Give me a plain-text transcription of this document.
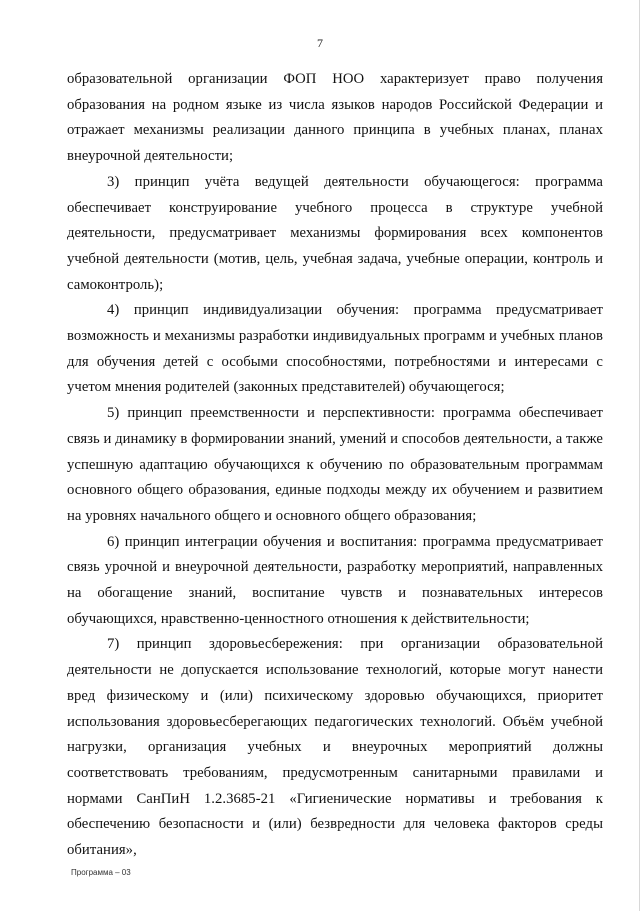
7

образовательной организации ФОП НОО характеризует право получения образования на родном языке из числа языков народов Российской Федерации и отражает механизмы реализации данного принципа в учебных планах, планах внеурочной деятельности;

3) принцип учёта ведущей деятельности обучающегося: программа обеспечивает конструирование учебного процесса в структуре учебной деятельности, предусматривает механизмы формирования всех компонентов учебной деятельности (мотив, цель, учебная задача, учебные операции, контроль и самоконтроль);

4) принцип индивидуализации обучения: программа предусматривает возможность и механизмы разработки индивидуальных программ и учебных планов для обучения детей с особыми способностями, потребностями и интересами с учетом мнения родителей (законных представителей) обучающегося;

5) принцип преемственности и перспективности: программа обеспечивает связь и динамику в формировании знаний, умений и способов деятельности, а также успешную адаптацию обучающихся к обучению по образовательным программам основного общего образования, единые подходы между их обучением и развитием на уровнях начального общего и основного общего образования;

6) принцип интеграции обучения и воспитания: программа предусматривает связь урочной и внеурочной деятельности, разработку мероприятий, направленных на обогащение знаний, воспитание чувств и познавательных интересов обучающихся, нравственно-ценностного отношения к действительности;

7) принцип здоровьесбережения: при организации образовательной деятельности не допускается использование технологий, которые могут нанести вред физическому и (или) психическому здоровью обучающихся, приоритет использования здоровьесберегающих педагогических технологий. Объём учебной нагрузки, организация учебных и внеурочных мероприятий должны соответствовать требованиям, предусмотренным санитарными правилами и нормами СанПиН 1.2.3685-21 «Гигиенические нормативы и требования к обеспечению безопасности и (или) безвредности для человека факторов среды обитания»,

Программа – 03
